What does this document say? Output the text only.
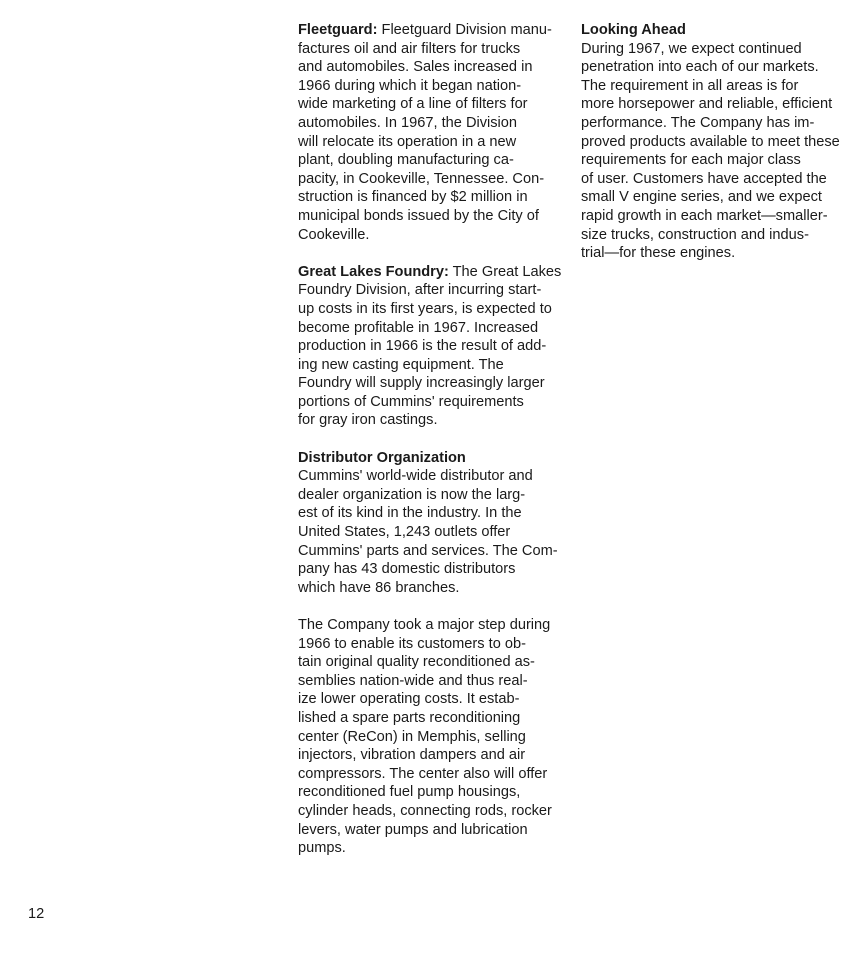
Fleetguard: Fleetguard Division manu-
factures oil and air filters for trucks
and automobiles. Sales increased in
1966 during which it began nation-
wide marketing of a line of filters for
automobiles. In 1967, the Division
will relocate its operation in a new
plant, doubling manufacturing ca-
pacity, in Cookeville, Tennessee. Con-
struction is financed by $2 million in
municipal bonds issued by the City of
Cookeville.

Great Lakes Foundry: The Great Lakes
Foundry Division, after incurring start-
up costs in its first years, is expected to
become profitable in 1967. Increased
production in 1966 is the result of add-
ing new casting equipment. The
Foundry will supply increasingly larger
portions of Cummins' requirements
for gray iron castings.

Distributor Organization
Cummins' world-wide distributor and
dealer organization is now the larg-
est of its kind in the industry. In the
United States, 1,243 outlets offer
Cummins' parts and services. The Com-
pany has 43 domestic distributors
which have 86 branches.

The Company took a major step during
1966 to enable its customers to ob-
tain original quality reconditioned as-
semblies nation-wide and thus real-
ize lower operating costs. It estab-
lished a spare parts reconditioning
center (ReCon) in Memphis, selling
injectors, vibration dampers and air
compressors. The center also will offer
reconditioned fuel pump housings,
cylinder heads, connecting rods, rocker
levers, water pumps and lubrication
pumps.

Looking Ahead
During 1967, we expect continued
penetration into each of our markets.
The requirement in all areas is for
more horsepower and reliable, efficient
performance. The Company has im-
proved products available to meet these
requirements for each major class
of user. Customers have accepted the
small V engine series, and we expect
rapid growth in each market—smaller-
size trucks, construction and indus-
trial—for these engines.

12
